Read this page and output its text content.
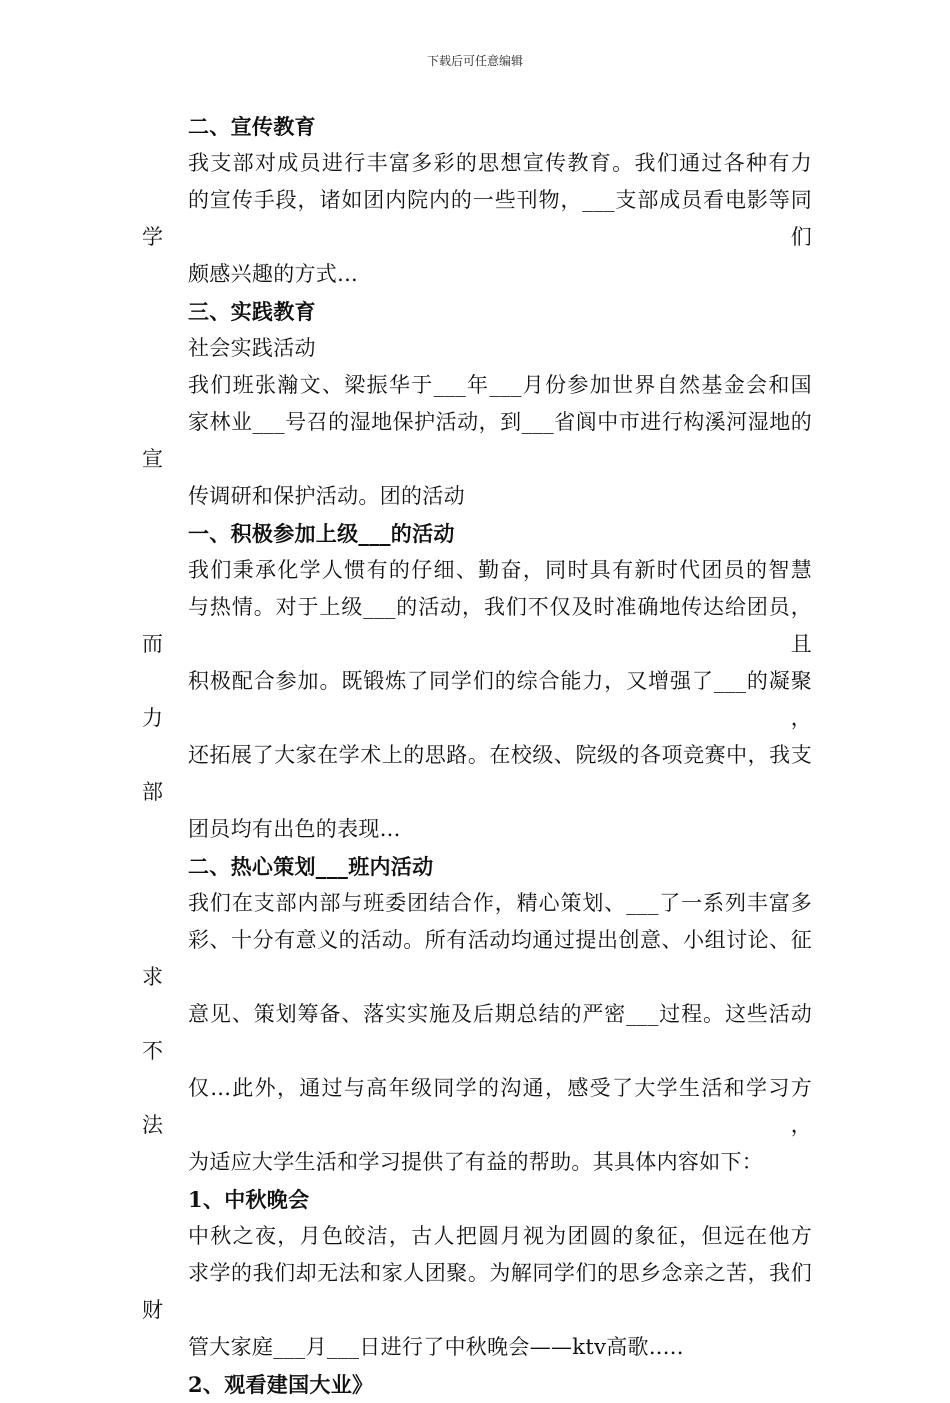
下载后可任意编辑
二、宣传教育
我支部对成员进行丰富多彩的思想宣传教育。我们通过各种有力
的宣传手段，诸如团内院内的一些刊物，___支部成员看电影等同学们
颇感兴趣的方式...
三、实践教育
社会实践活动
我们班张瀚文、梁振华于___年___月份参加世界自然基金会和国
家林业___号召的湿地保护活动，到___省阆中市进行构溪河湿地的宣
传调研和保护活动。团的活动
一、积极参加上级___的活动
我们秉承化学人惯有的仔细、勤奋，同时具有新时代团员的智慧
与热情。对于上级___的活动，我们不仅及时准确地传达给团员，而且
积极配合参加。既锻炼了同学们的综合能力，又增强了___的凝聚力，
还拓展了大家在学术上的思路。在校级、院级的各项竞赛中，我支部
团员均有出色的表现...
二、热心策划___班内活动
我们在支部内部与班委团结合作，精心策划、___了一系列丰富多
彩、十分有意义的活动。所有活动均通过提出创意、小组讨论、征求
意见、策划筹备、落实实施及后期总结的严密___过程。这些活动不
仅...此外，通过与高年级同学的沟通，感受了大学生活和学习方法，
为适应大学生活和学习提供了有益的帮助。其具体内容如下：
1、中秋晚会
中秋之夜，月色皎洁，古人把圆月视为团圆的象征，但远在他方
求学的我们却无法和家人团聚。为解同学们的思乡念亲之苦，我们财
管大家庭___月___日进行了中秋晚会——ktv高歌.....
2、观看建国大业》
